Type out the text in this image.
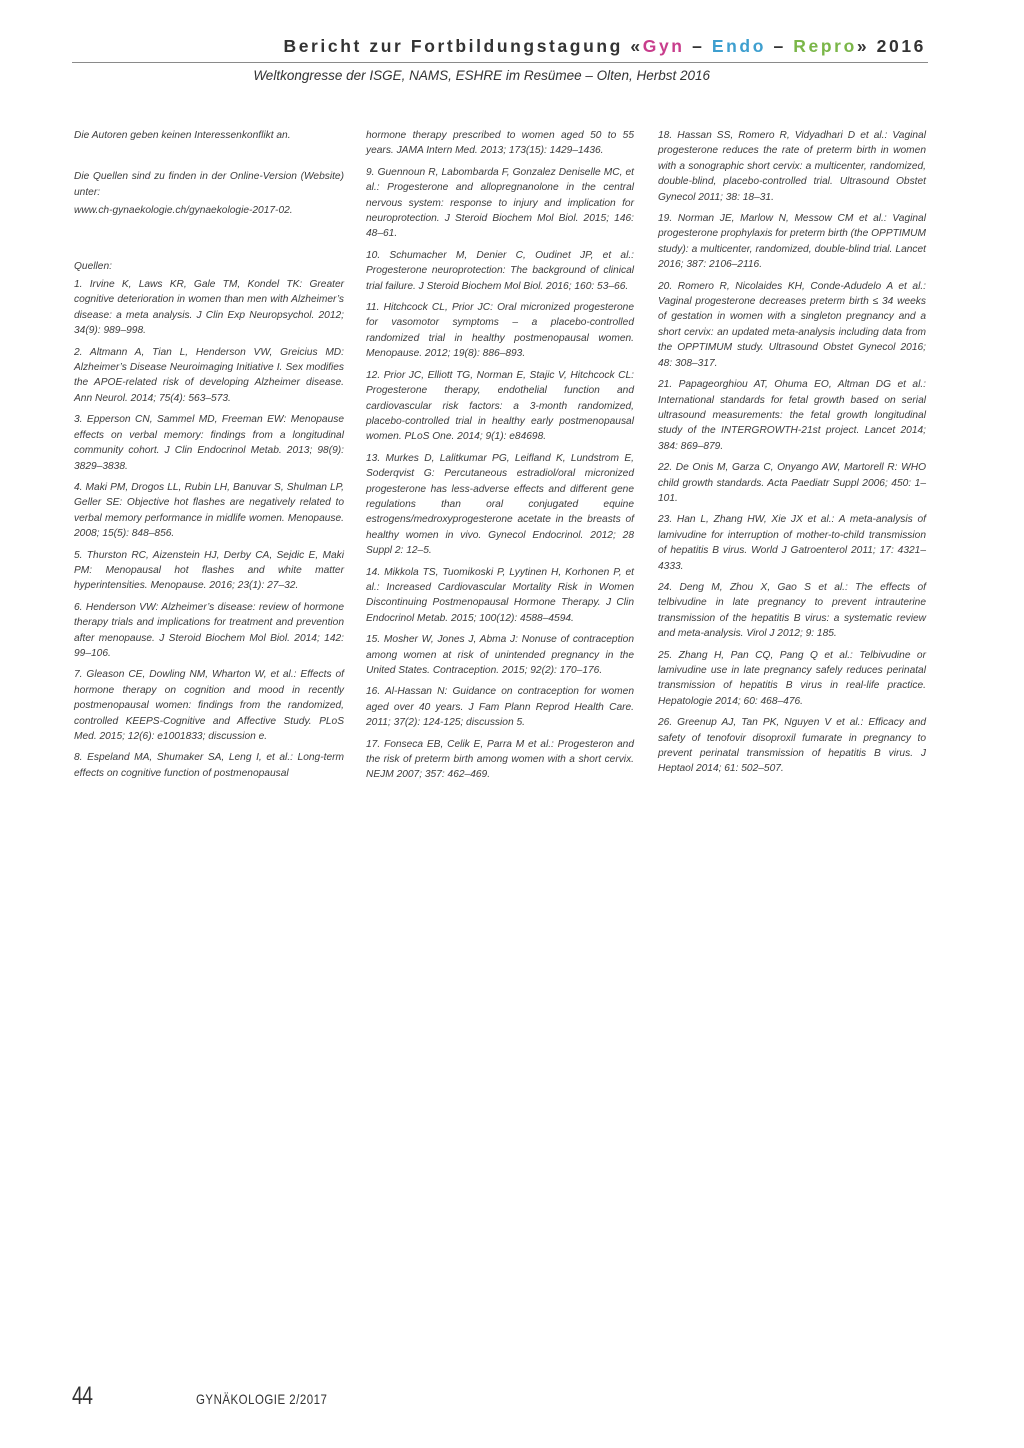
Bericht zur Fortbildungstagung «Gyn – Endo – Repro» 2016
Weltkongresse der ISGE, NAMS, ESHRE im Resümee – Olten, Herbst 2016

Die Autoren geben keinen Interessenkonflikt an.

Die Quellen sind zu finden in der Online-Version (Website) unter:

www.ch-gynaekologie.ch/gynaekologie-2017-02.

Quellen:

1. Irvine K, Laws KR, Gale TM, Kondel TK: Greater cognitive deterioration in women than men with Alzheimer’s disease: a meta analysis. J Clin Exp Neuropsychol. 2012; 34(9): 989–998.

2. Altmann A, Tian L, Henderson VW, Greicius MD: Alzheimer’s Disease Neuroimaging Initiative I. Sex modifies the APOE-related risk of developing Alzheimer disease. Ann Neurol. 2014; 75(4): 563–573.

3. Epperson CN, Sammel MD, Freeman EW: Menopause effects on verbal memory: findings from a longitudinal community cohort. J Clin Endocrinol Metab. 2013; 98(9): 3829–3838.

4. Maki PM, Drogos LL, Rubin LH, Banuvar S, Shulman LP, Geller SE: Objective hot flashes are negatively related to verbal memory performance in midlife women. Menopause. 2008; 15(5): 848–856.

5. Thurston RC, Aizenstein HJ, Derby CA, Sejdic E, Maki PM: Menopausal hot flashes and white matter hyperintensities. Menopause. 2016; 23(1): 27–32.

6. Henderson VW: Alzheimer’s disease: review of hormone therapy trials and implications for treatment and prevention after menopause. J Steroid Biochem Mol Biol. 2014; 142: 99–106.

7. Gleason CE, Dowling NM, Wharton W, et al.: Effects of hormone therapy on cognition and mood in recently postmenopausal women: findings from the randomized, controlled KEEPS-Cognitive and Affective Study. PLoS Med. 2015; 12(6): e1001833; discussion e.

8. Espeland MA, Shumaker SA, Leng I, et al.: Long-term effects on cognitive function of postmenopausal

hormone therapy prescribed to women aged 50 to 55 years. JAMA Intern Med. 2013; 173(15): 1429–1436.

9. Guennoun R, Labombarda F, Gonzalez Deniselle MC, et al.: Progesterone and allopregnanolone in the central nervous system: response to injury and implication for neuroprotection. J Steroid Biochem Mol Biol. 2015; 146: 48–61.

10. Schumacher M, Denier C, Oudinet JP, et al.: Progesterone neuroprotection: The background of clinical trial failure. J Steroid Biochem Mol Biol. 2016; 160: 53–66.

11. Hitchcock CL, Prior JC: Oral micronized progesterone for vasomotor symptoms – a placebo-controlled randomized trial in healthy postmenopausal women. Menopause. 2012; 19(8): 886–893.

12. Prior JC, Elliott TG, Norman E, Stajic V, Hitchcock CL: Progesterone therapy, endothelial function and cardiovascular risk factors: a 3-month randomized, placebo-controlled trial in healthy early postmenopausal women. PLoS One. 2014; 9(1): e84698.

13. Murkes D, Lalitkumar PG, Leifland K, Lundstrom E, Soderqvist G: Percutaneous estradiol/oral micronized progesterone has less-adverse effects and different gene regulations than oral conjugated equine estrogens/medroxyprogesterone acetate in the breasts of healthy women in vivo. Gynecol Endocrinol. 2012; 28 Suppl 2: 12–5.

14. Mikkola TS, Tuomikoski P, Lyytinen H, Korhonen P, et al.: Increased Cardiovascular Mortality Risk in Women Discontinuing Postmenopausal Hormone Therapy. J Clin Endocrinol Metab. 2015; 100(12): 4588–4594.

15. Mosher W, Jones J, Abma J: Nonuse of contraception among women at risk of unintended pregnancy in the United States. Contraception. 2015; 92(2): 170–176.

16. Al-Hassan N: Guidance on contraception for women aged over 40 years. J Fam Plann Reprod Health Care. 2011; 37(2): 124-125; discussion 5.

17. Fonseca EB, Celik E, Parra M et al.: Progesteron and the risk of preterm birth among women with a short cervix. NEJM 2007; 357: 462–469.

18. Hassan SS, Romero R, Vidyadhari D et al.: Vaginal progesterone reduces the rate of preterm birth in women with a sonographic short cervix: a multicenter, randomized, double-blind, placebo-controlled trial. Ultrasound Obstet Gynecol 2011; 38: 18–31.

19. Norman JE, Marlow N, Messow CM et al.: Vaginal progesterone prophylaxis for preterm birth (the OPPTIMUM study): a multicenter, randomized, double-blind trial. Lancet 2016; 387: 2106–2116.

20. Romero R, Nicolaides KH, Conde-Adudelo A et al.: Vaginal progesterone decreases preterm birth ≤ 34 weeks of gestation in women with a singleton pregnancy and a short cervix: an updated meta-analysis including data from the OPPTIMUM study. Ultrasound Obstet Gynecol 2016; 48: 308–317.

21. Papageorghiou AT, Ohuma EO, Altman DG et al.: International standards for fetal growth based on serial ultrasound measurements: the fetal growth longitudinal study of the INTERGROWTH-21st project. Lancet 2014; 384: 869–879.

22. De Onis M, Garza C, Onyango AW, Martorell R: WHO child growth standards. Acta Paediatr Suppl 2006; 450: 1–101.

23. Han L, Zhang HW, Xie JX et al.: A meta-analysis of lamivudine for interruption of mother-to-child transmission of hepatitis B virus. World J Gatroenterol 2011; 17: 4321–4333.

24. Deng M, Zhou X, Gao S et al.: The effects of telbivudine in late pregnancy to prevent intrauterine transmission of the hepatitis B virus: a systematic review and meta-analysis. Virol J 2012; 9: 185.

25. Zhang H, Pan CQ, Pang Q et al.: Telbivudine or lamivudine use in late pregnancy safely reduces perinatal transmission of hepatitis B virus in real-life practice. Hepatologie 2014; 60: 468–476.

26. Greenup AJ, Tan PK, Nguyen V et al.: Efficacy and safety of tenofovir disoproxil fumarate in pregnancy to prevent perinatal transmission of hepatitis B virus. J Heptaol 2014; 61: 502–507.

44	GYNÄKOLOGIE 2/2017
